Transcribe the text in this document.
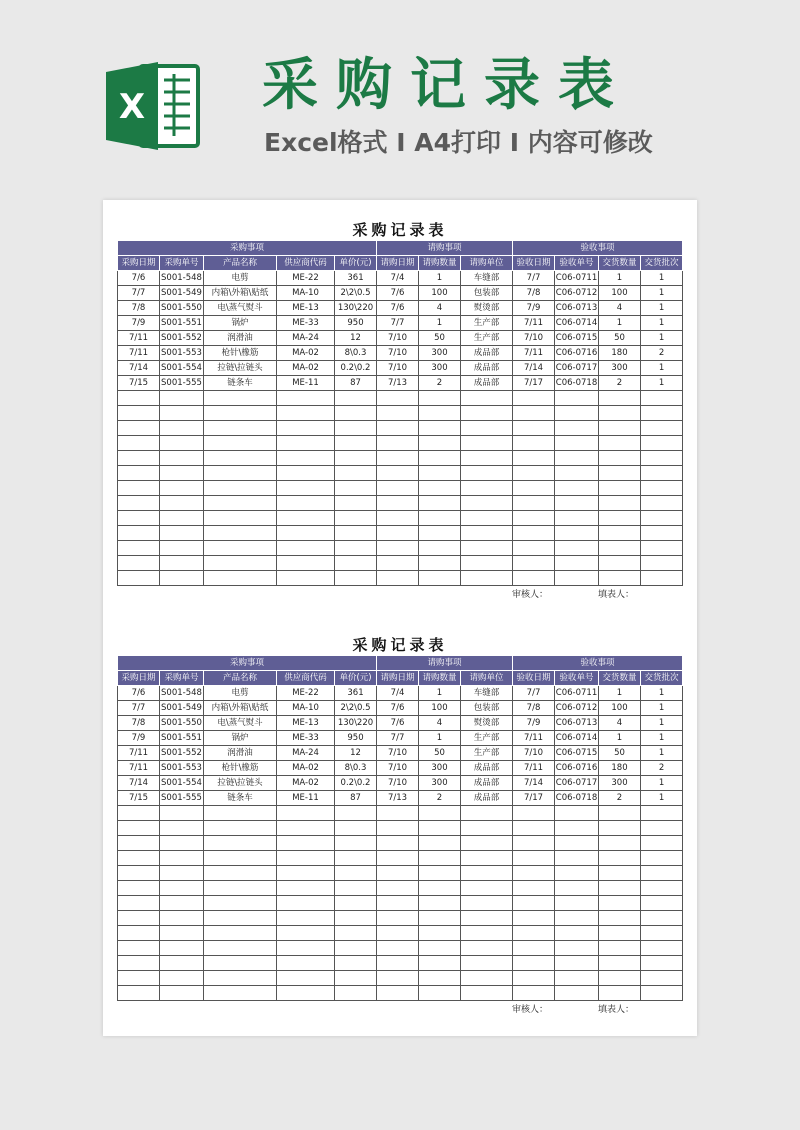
X 采购记录表
Excel格式 I A4打印 I 内容可修改
采购记录表
采购事项					请购事项			验收事项			
采购日期	采购单号	产品名称	供应商代码	单价(元)	请购日期	请购数量	请购单位	验收日期	验收单号	交货数量	交货批次
7/6	S001-548	电剪	ME-22	361	7/4	1	车缝部	7/7	C06-0711	1	1
7/7	S001-549	内箱\外箱\贴纸	MA-10	2\2\0.5	7/6	100	包装部	7/8	C06-0712	100	1
7/8	S001-550	电\蒸气熨斗	ME-13	130\220	7/6	4	熨烫部	7/9	C06-0713	4	1
7/9	S001-551	锅炉	ME-33	950	7/7	1	生产部	7/11	C06-0714	1	1
7/11	S001-552	润滑油	MA-24	12	7/10	50	生产部	7/10	C06-0715	50	1
7/11	S001-553	枪针\橡筋	MA-02	8\0.3	7/10	300	成品部	7/11	C06-0716	180	2
7/14	S001-554	拉链\拉链头	MA-02	0.2\0.2	7/10	300	成品部	7/14	C06-0717	300	1
7/15	S001-555	链条车	ME-11	87	7/13	2	成品部	7/17	C06-0718	2	1

审核人：	填表人：
采购记录表
采购事项					请购事项			验收事项			
采购日期	采购单号	产品名称	供应商代码	单价(元)	请购日期	请购数量	请购单位	验收日期	验收单号	交货数量	交货批次
7/6	S001-548	电剪	ME-22	361	7/4	1	车缝部	7/7	C06-0711	1	1
7/7	S001-549	内箱\外箱\贴纸	MA-10	2\2\0.5	7/6	100	包装部	7/8	C06-0712	100	1
7/8	S001-550	电\蒸气熨斗	ME-13	130\220	7/6	4	熨烫部	7/9	C06-0713	4	1
7/9	S001-551	锅炉	ME-33	950	7/7	1	生产部	7/11	C06-0714	1	1
7/11	S001-552	润滑油	MA-24	12	7/10	50	生产部	7/10	C06-0715	50	1
7/11	S001-553	枪针\橡筋	MA-02	8\0.3	7/10	300	成品部	7/11	C06-0716	180	2
7/14	S001-554	拉链\拉链头	MA-02	0.2\0.2	7/10	300	成品部	7/14	C06-0717	300	1
7/15	S001-555	链条车	ME-11	87	7/13	2	成品部	7/17	C06-0718	2	1

审核人：	填表人：
